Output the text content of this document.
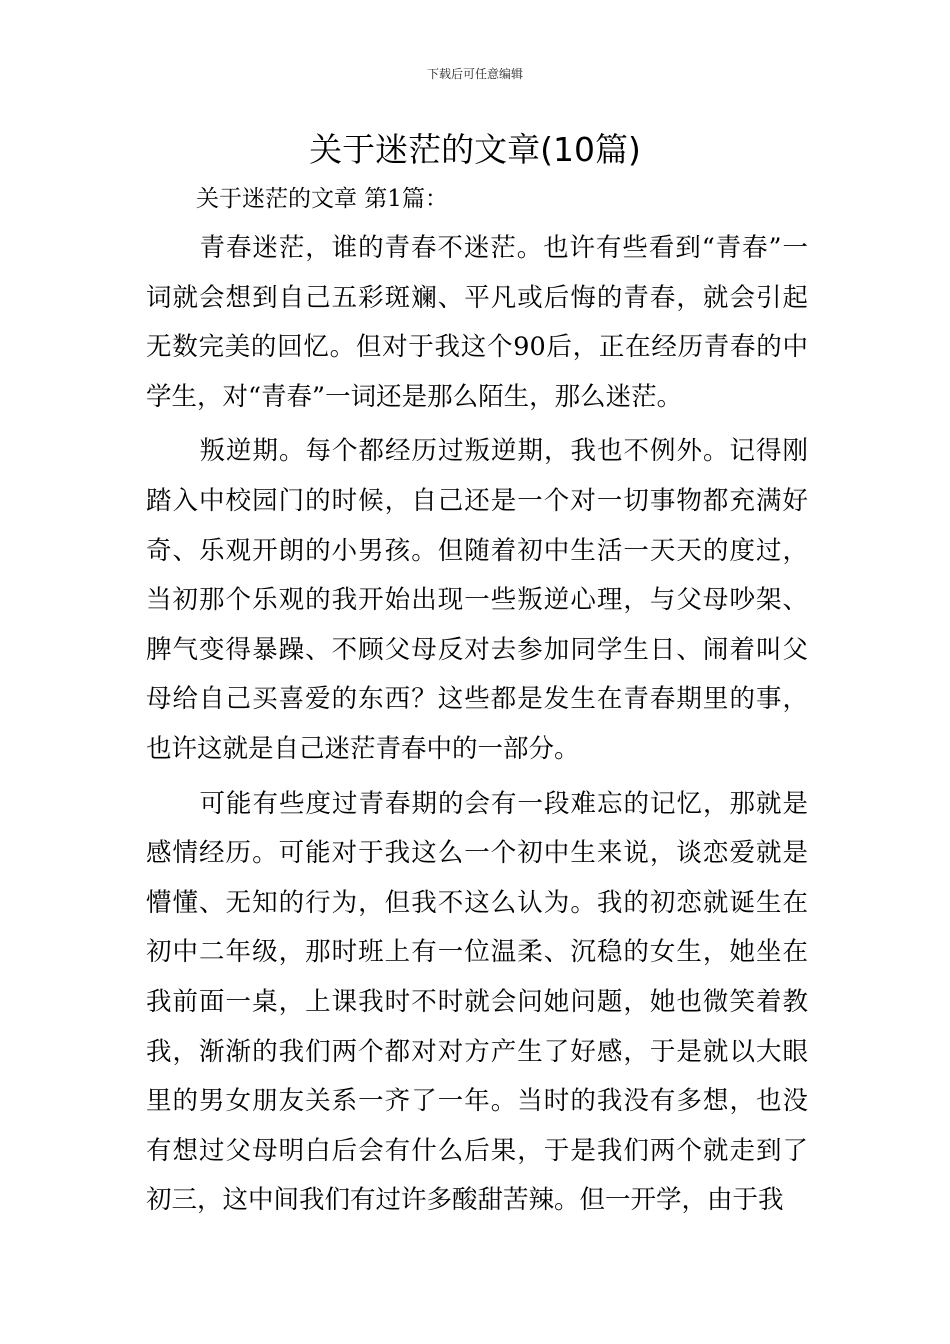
下载后可任意编辑
关于迷茫的文章(10篇)
关于迷茫的文章 第1篇：

青春迷茫，谁的青春不迷茫。也许有些看到“青春”一词就会想到自己五彩斑斓、平凡或后悔的青春，就会引起无数完美的回忆。但对于我这个90后，正在经历青春的中学生，对“青春”一词还是那么陌生，那么迷茫。

叛逆期。每个都经历过叛逆期，我也不例外。记得刚踏入中校园门的时候，自己还是一个对一切事物都充满好奇、乐观开朗的小男孩。但随着初中生活一天天的度过，当初那个乐观的我开始出现一些叛逆心理，与父母吵架、脾气变得暴躁、不顾父母反对去参加同学生日、闹着叫父母给自己买喜爱的东西？这些都是发生在青春期里的事，也许这就是自己迷茫青春中的一部分。

可能有些度过青春期的会有一段难忘的记忆，那就是感情经历。可能对于我这么一个初中生来说，谈恋爱就是懵懂、无知的行为，但我不这么认为。我的初恋就诞生在初中二年级，那时班上有一位温柔、沉稳的女生，她坐在我前面一桌，上课我时不时就会问她问题，她也微笑着教我，渐渐的我们两个都对对方产生了好感，于是就以大眼里的男女朋友关系一齐了一年。当时的我没有多想，也没有想过父母明白后会有什么后果，于是我们两个就走到了初三，这中间我们有过许多酸甜苦辣。但一开学，由于我
